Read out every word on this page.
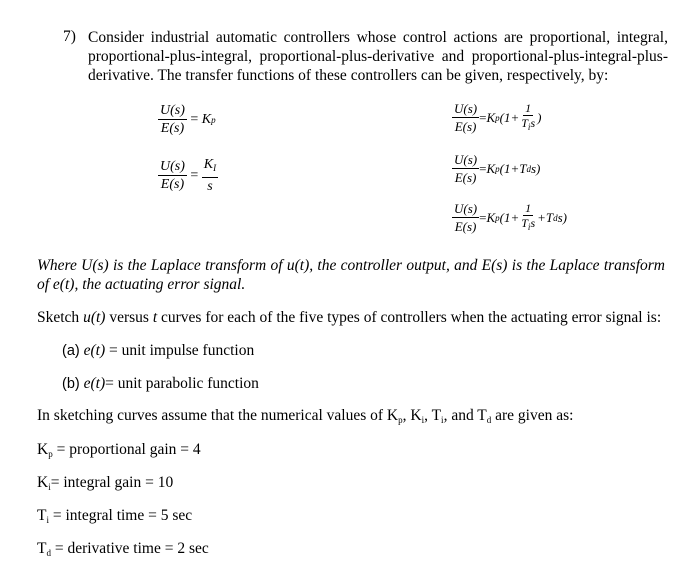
7) Consider industrial automatic controllers whose control actions are proportional, integral, proportional-plus-integral, proportional-plus-derivative and proportional-plus-integral-plus-derivative. The transfer functions of these controllers can be given, respectively, by:
$\frac{U(s)}{E(s)} = K$ p
$\frac{U(s)}{E(s)} = \frac{K_I}{s}$
$\frac{U(s)}{E(s)} = K$ p ($1+ \frac{1}{T_is}$ )
$\frac{U(s)}{E(s)} = K$ p (1+T d s)
$\frac{U(s)}{E(s)} = K$ p ($1+ \frac{1}{T_is} +T$ d s)
Where U(s) is the Laplace transform of u(t), the controller output, and E(s) is the Laplace transform of e(t), the actuating error signal.
Sketch u(t) versus t curves for each of the five types of controllers when the actuating error signal is:
(a) e(t) = unit impulse function
(b) e(t)= unit parabolic function
In sketching curves assume that the numerical values of $K_p$, $K_i$, $T_i$, and $T_d$ are given as:
$K_p$ = proportional gain = 4
$K_i=$ integral gain = 10
$T_i$ = integral time = 5 sec
$T_d$ = derivative time = 2 sec
